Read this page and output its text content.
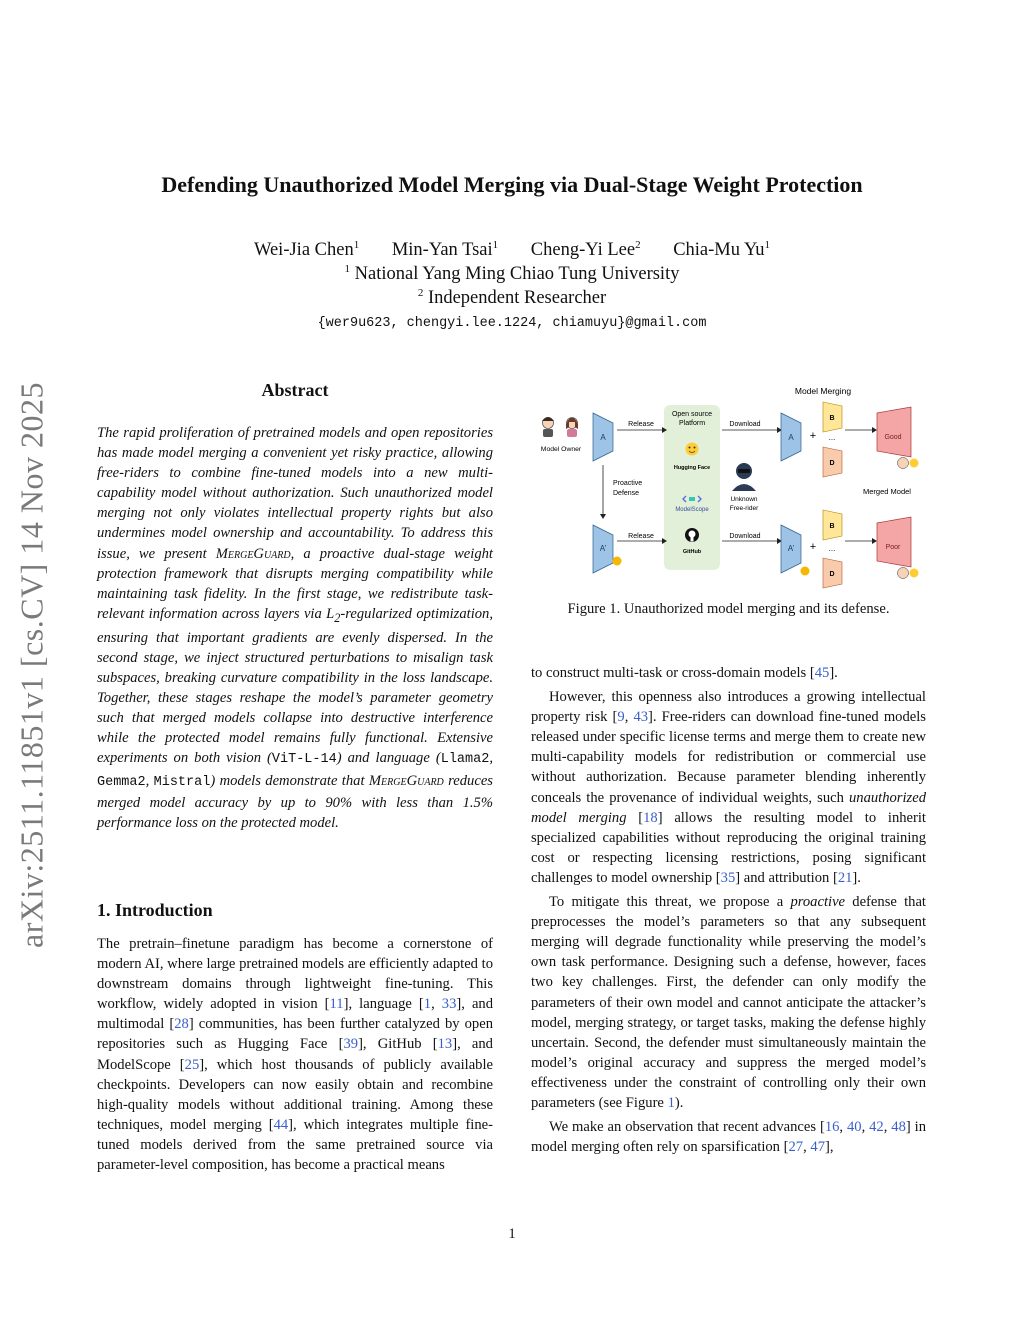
arXiv:2511.11851v1 [cs.CV] 14 Nov 2025
Defending Unauthorized Model Merging via Dual-Stage Weight Protection
Wei-Jia Chen$^1$ Min-Yan Tsai$^1$ Cheng-Yi Lee$^2$ Chia-Mu Yu$^1$
$^1$ National Yang Ming Chiao Tung University
$^2$ Independent Researcher
{wer9u623, chengyi.lee.1224, chiamuyu}@gmail.com
Abstract

The rapid proliferation of pretrained models and open repositories has made model merging a convenient yet risky practice, allowing free-riders to combine fine-tuned models into a new multi-capability model without authorization. Such unauthorized model merging not only violates intellectual property rights but also undermines model ownership and accountability. To address this issue, we present MergeGuard, a proactive dual-stage weight protection framework that disrupts merging compatibility while maintaining task fidelity. In the first stage, we redistribute task-relevant information across layers via $L_2$-regularized optimization, ensuring that important gradients are evenly dispersed. In the second stage, we inject structured perturbations to misalign task subspaces, breaking curvature compatibility in the loss landscape. Together, these stages reshape the model’s parameter geometry such that merged models collapse into destructive interference while the protected model remains fully functional. Extensive experiments on both vision (ViT-L-14) and language (Llama2, Gemma2, Mistral) models demonstrate that MergeGuard reduces merged model accuracy by up to 90% with less than 1.5% performance loss on the protected model.

1. Introduction

The pretrain–finetune paradigm has become a cornerstone of modern AI, where large pretrained models are efficiently adapted to downstream domains through lightweight fine-tuning. This workflow, widely adopted in vision [11], language [1, 33], and multimodal [28] communities, has been further catalyzed by open repositories such as Hugging Face [39], GitHub [13], and ModelScope [25], which host thousands of publicly available checkpoints. Developers can now easily obtain and recombine high-quality models without additional training. Among these techniques, model merging [44], which integrates multiple fine-tuned models derived from the same pretrained source via parameter-level composition, has become a practical means

Model Merging
Model Owner
A
Release
Open source
Platform
Hugging Face
ModelScope
GitHub
Proactive
Defense
A’
Release
Download
Download
Unknown
Free-rider
A +
B
...
D
Good
Merged Model
A’ +
B
...
D
Poor
Figure 1. Unauthorized model merging and its defense.

to construct multi-task or cross-domain models [45].

However, this openness also introduces a growing intellectual property risk [9, 43]. Free-riders can download fine-tuned models released under specific license terms and merge them to create new multi-capability models for redistribution or commercial use without authorization. Because parameter blending inherently conceals the provenance of individual weights, such unauthorized model merging [18] allows the resulting model to inherit specialized capabilities without reproducing the original training cost or respecting licensing restrictions, posing significant challenges to model ownership [35] and attribution [21].

To mitigate this threat, we propose a proactive defense that preprocesses the model’s parameters so that any subsequent merging will degrade functionality while preserving the model’s own task performance. Designing such a defense, however, faces two key challenges. First, the defender can only modify the parameters of their own model and cannot anticipate the attacker’s model, merging strategy, or target tasks, making the defense highly uncertain. Second, the defender must simultaneously maintain the model’s original accuracy and suppress the merged model’s effectiveness under the constraint of controlling only their own parameters (see Figure 1).

We make an observation that recent advances [16, 40, 42, 48] in model merging often rely on sparsification [27, 47],

1
